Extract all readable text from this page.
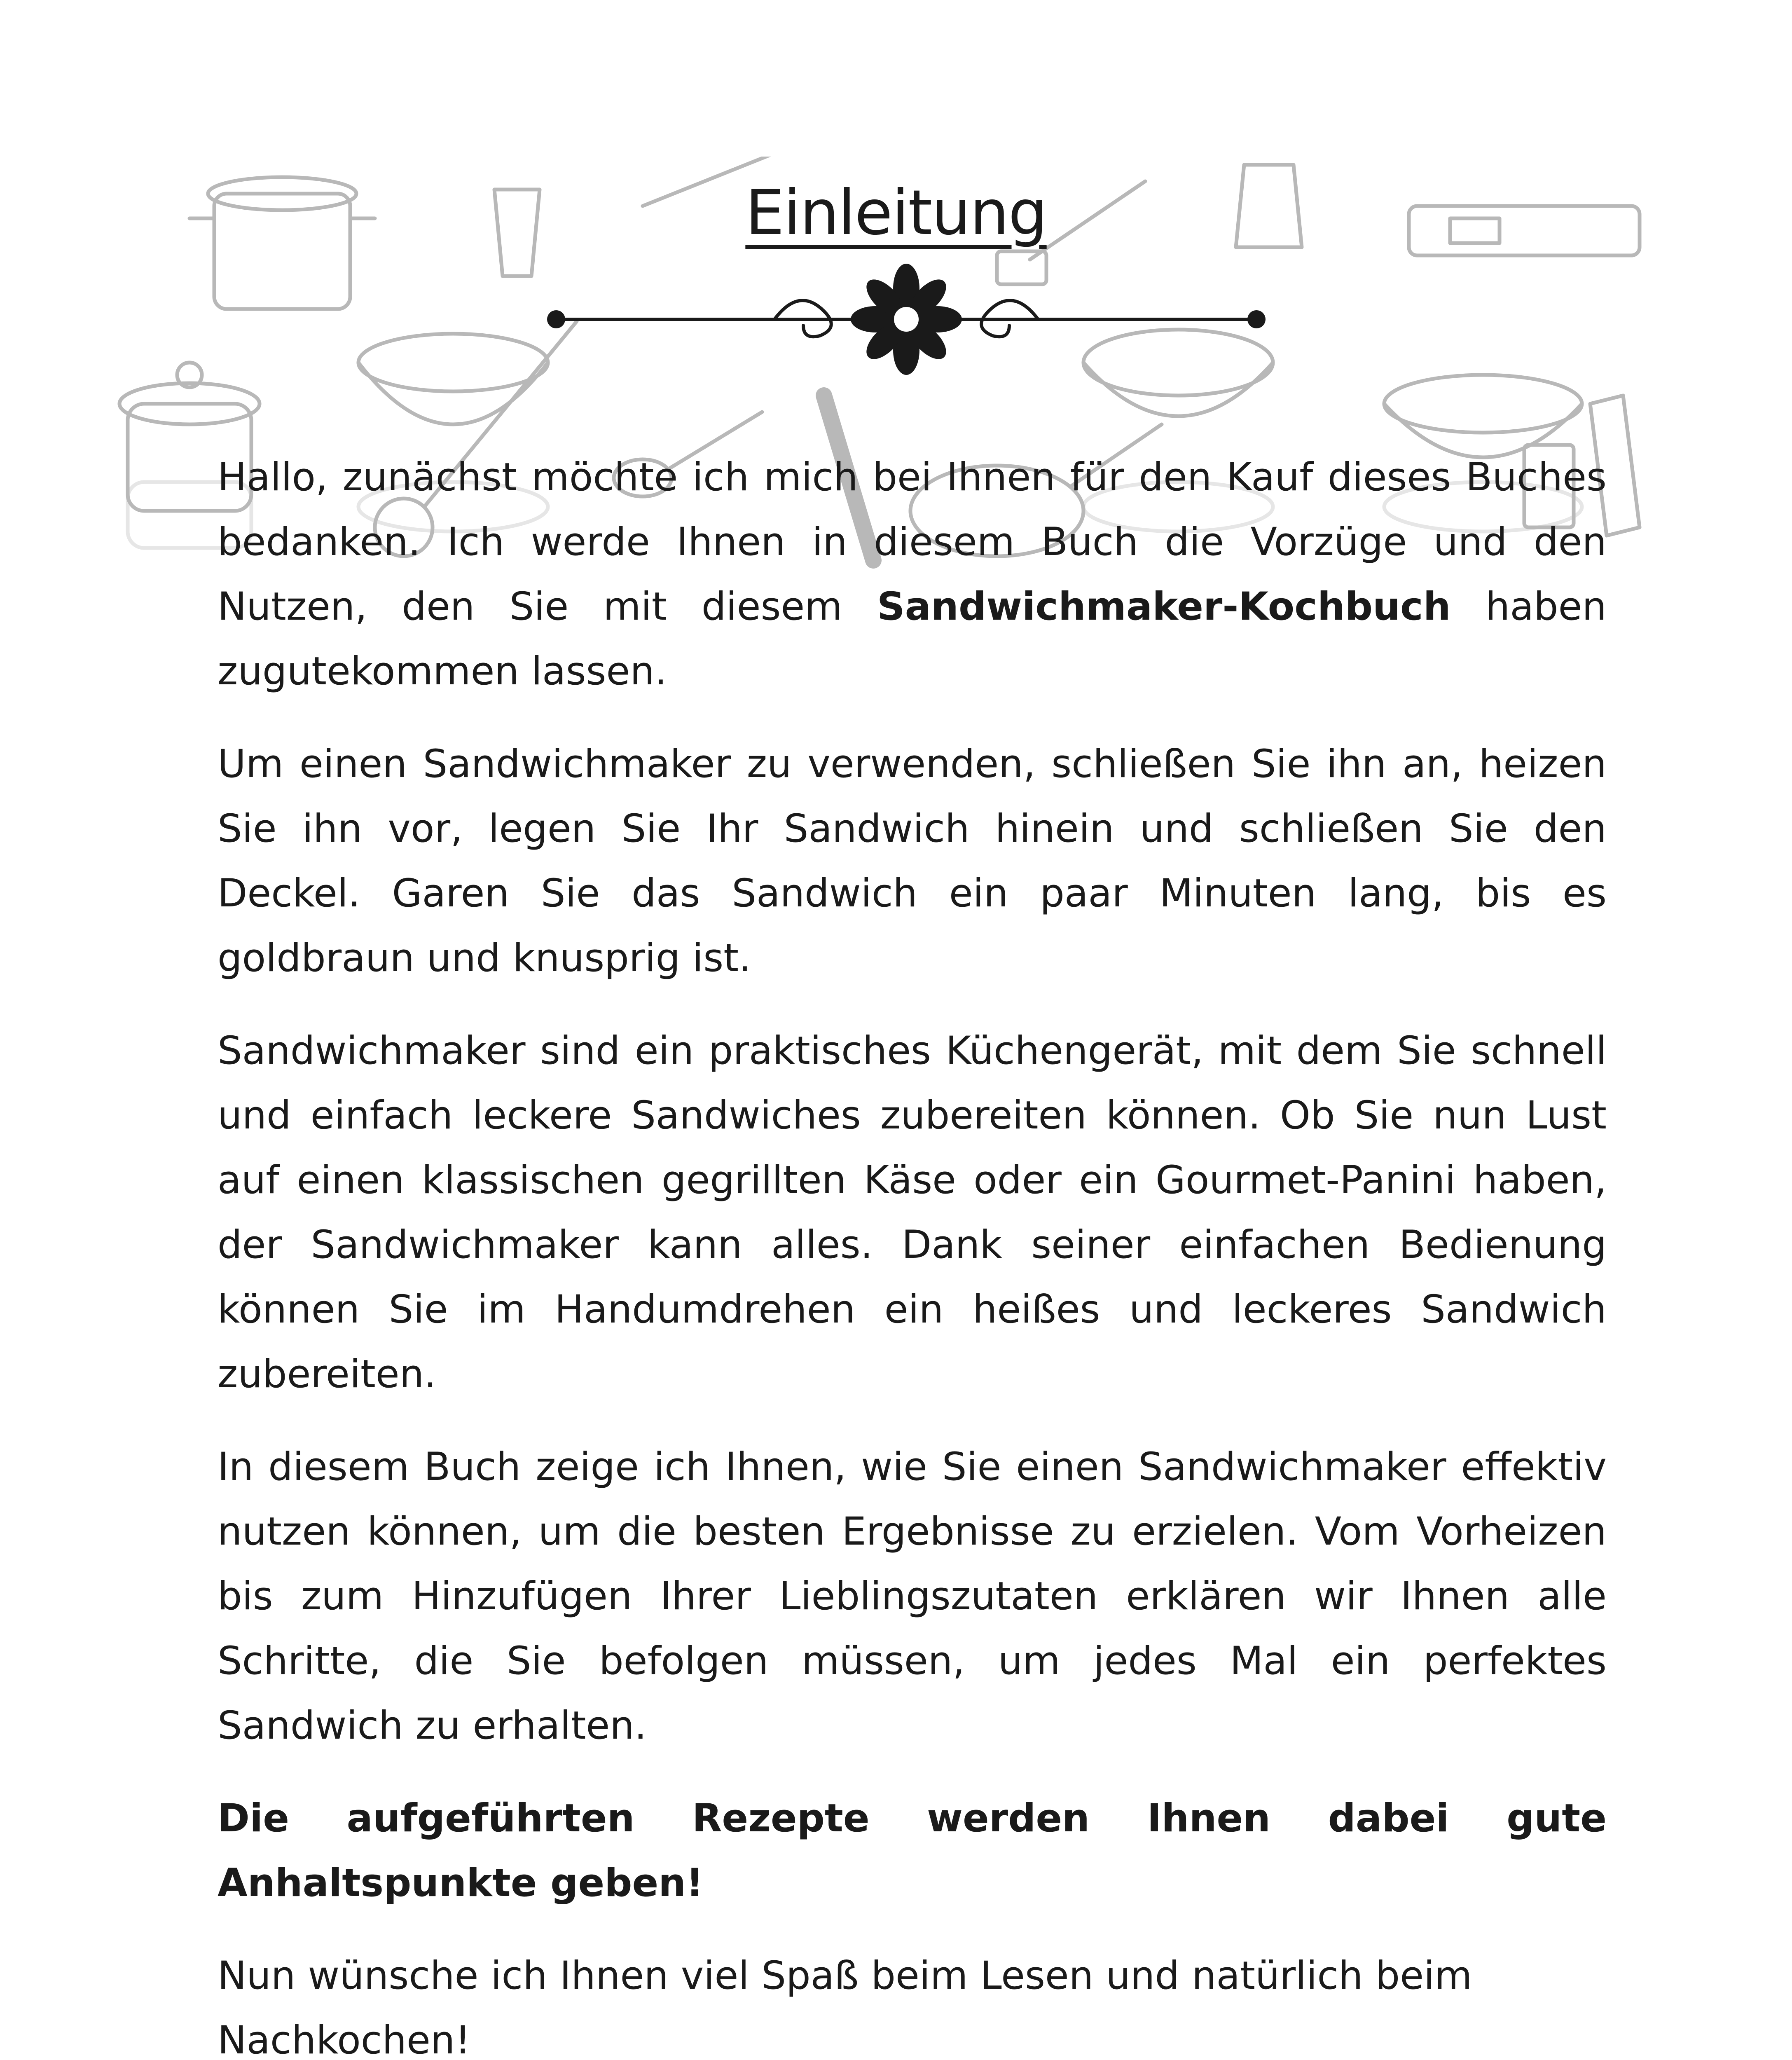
Einleitung

Hallo, zunächst möchte ich mich bei Ihnen für den Kauf dieses Buches bedanken. Ich werde Ihnen in diesem Buch die Vorzüge und den Nutzen, den Sie mit diesem Sandwichmaker-Kochbuch haben zugutekommen lassen.

Um einen Sandwichmaker zu verwenden, schließen Sie ihn an, heizen Sie ihn vor, legen Sie Ihr Sandwich hinein und schließen Sie den Deckel. Garen Sie das Sandwich ein paar Minuten lang, bis es goldbraun und knusprig ist.

Sandwichmaker sind ein praktisches Küchengerät, mit dem Sie schnell und einfach leckere Sandwiches zubereiten können. Ob Sie nun Lust auf einen klassischen gegrillten Käse oder ein Gourmet-Panini haben, der Sandwichmaker kann alles. Dank seiner einfachen Bedienung können Sie im Handumdrehen ein heißes und leckeres Sandwich zubereiten.

In diesem Buch zeige ich Ihnen, wie Sie einen Sandwichmaker effektiv nutzen können, um die besten Ergebnisse zu erzielen. Vom Vorheizen bis zum Hinzufügen Ihrer Lieblingszutaten erklären wir Ihnen alle Schritte, die Sie befolgen müssen, um jedes Mal ein perfektes Sandwich zu erhalten.

Die aufgeführten Rezepte werden Ihnen dabei gute Anhaltspunkte geben!

Nun wünsche ich Ihnen viel Spaß beim Lesen und natürlich beim
Nachkochen!
